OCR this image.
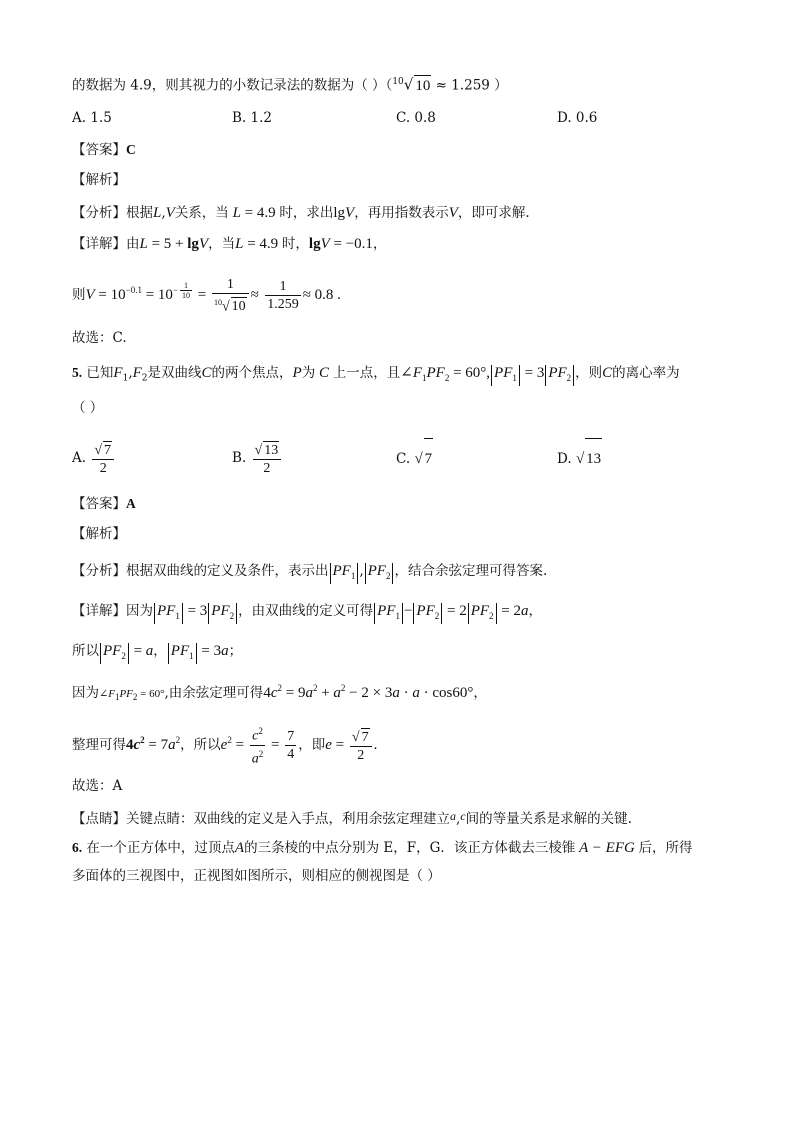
的数据为 4.9，则其视力的小数记录法的数据为（ ）（$^{10}$√ 10 ≈ 1.259 ）
A. 1.5	B. 1.2	C. 0.8	D. 0.6
【答案】C
【解析】
【分析】根据L,V关系，当 L = 4.9 时，求出lgV，再用指数表示V，即可求解.
【详解】由L = 5 + lgV，当L = 4.9 时，lgV = −0.1，
则$V = 10^{-0.1} = 10^{- \frac{1}{10}} = \frac{1}{^{10}√ 10} \approx \frac{1}{1.259} \approx 0.8$ .
故选：C.
5. 已知$F_1,F_2$是双曲线C的两个焦点，P为 C 上一点，且$\angle F_1PF_2 = 60^\circ$, $PF_1 = 3$ $PF_2$ ，则C的离心率为
（ ）
A. $\frac{√ 7}{2}$	B. $\frac{√ 13}{2}$	C. √ 7	D. √ 13
【答案】A
【解析】
【分析】根据双曲线的定义及条件，表示出 $PF_1$ , $PF_2$ ，结合余弦定理可得答案.
【详解】因为 $PF_1 = 3$ $PF_2$ ，由双曲线的定义可得 $PF_1 - PF_2 = 2$ $PF_2 = 2a$，
所以 $PF_2 = a$， $PF_1 = 3a$；
因为$\angle F_1PF_2 = 60^\circ$,由余弦定理可得$4c^2 = 9a^2 + a^2 - 2 \times 3a \cdot a \cdot \cos 60^\circ$，
整理可得$4c^2 = 7a^2$，所以$e^2 = \frac{c^2}{a^2} = \frac{7}{4}$ ，即$e = \frac{√ 7}{2}$ .
故选：A
【点睛】关键点睛：双曲线的定义是入手点，利用余弦定理建立a,c间的等量关系是求解的关键.
6. 在一个正方体中，过顶点A的三条棱的中点分别为 E，F，G．该正方体截去三棱锥 A − EFG 后，所得
多面体的三视图中，正视图如图所示，则相应的侧视图是（ ）
